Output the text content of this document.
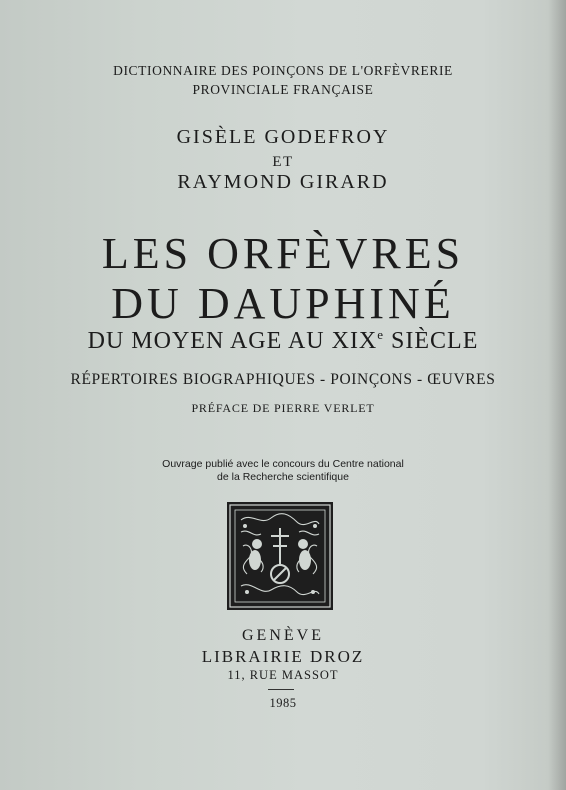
DICTIONNAIRE DES POINÇONS DE L'ORFÈVRERIE
PROVINCIALE FRANÇAISE
GISÈLE GODEFROY
ET
RAYMOND GIRARD
LES ORFÈVRES
DU DAUPHINÉ
DU MOYEN AGE AU XIXe SIÈCLE
RÉPERTOIRES BIOGRAPHIQUES - POINÇONS - ŒUVRES
PRÉFACE DE PIERRE VERLET
Ouvrage publié avec le concours du Centre national
de la Recherche scientifique
GENÈVE
LIBRAIRIE DROZ
11, RUE MASSOT
1985
